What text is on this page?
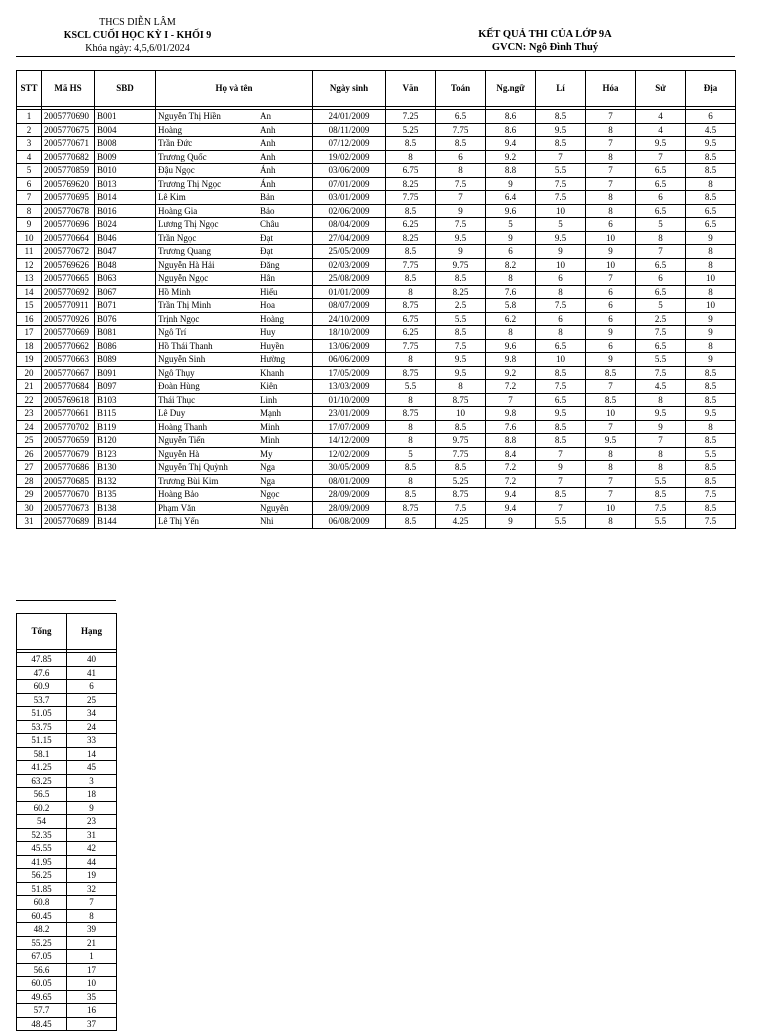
THCS DIỄN LÂM
KSCL CUỐI HỌC KỲ I - KHỐI 9
Khóa ngày: 4,5,6/01/2024
KẾT QUẢ THI CỦA LỚP 9A
GVCN: Ngô Đình Thuý
STT	Mã HS	SBD	Họ và tên	Ngày sinh	Văn	Toán	Ng.ngữ	Lí	Hóa	Sử	Địa

1	2005770690	B001	Nguyễn Thị Hiền An	24/01/2009	7.25	6.5	8.6	8.5	7	4	6
2	2005770675	B004	Hoàng Anh	08/11/2009	5.25	7.75	8.6	9.5	8	4	4.5
3	2005770671	B008	Trần Đức Anh	07/12/2009	8.5	8.5	9.4	8.5	7	9.5	9.5
4	2005770682	B009	Trương Quốc Anh	19/02/2009	8	6	9.2	7	8	7	8.5
5	2005770859	B010	Đậu Ngọc Ánh	03/06/2009	6.75	8	8.8	5.5	7	6.5	8.5
6	2005769620	B013	Trương Thị Ngọc Ánh	07/01/2009	8.25	7.5	9	7.5	7	6.5	8
7	2005770695	B014	Lê Kim Bản	03/01/2009	7.75	7	6.4	7.5	8	6	8.5
8	2005770678	B016	Hoàng Gia Bảo	02/06/2009	8.5	9	9.6	10	8	6.5	6.5
9	2005770696	B024	Lương Thị Ngọc Châu	08/04/2009	6.25	7.5	5	5	6	5	6.5
10	2005770664	B046	Trần Ngọc Đạt	27/04/2009	8.25	9.5	9	9.5	10	8	9
11	2005770672	B047	Trương Quang Đạt	25/05/2009	8.5	9	6	9	9	7	8
12	2005769626	B048	Nguyễn Hà Hải Đăng	02/03/2009	7.75	9.75	8.2	10	10	6.5	8
13	2005770665	B063	Nguyễn Ngọc Hân	25/08/2009	8.5	8.5	8	6	7	6	10
14	2005770692	B067	Hồ Minh Hiếu	01/01/2009	8	8.25	7.6	8	6	6.5	8
15	2005770911	B071	Trần Thị Minh Hoa	08/07/2009	8.75	2.5	5.8	7.5	6	5	10
16	2005770926	B076	Trịnh Ngọc Hoàng	24/10/2009	6.75	5.5	6.2	6	6	2.5	9
17	2005770669	B081	Ngô Trí Huy	18/10/2009	6.25	8.5	8	8	9	7.5	9
18	2005770662	B086	Hồ Thái Thanh Huyền	13/06/2009	7.75	7.5	9.6	6.5	6	6.5	8
19	2005770663	B089	Nguyễn Sinh Hường	06/06/2009	8	9.5	9.8	10	9	5.5	9
20	2005770667	B091	Ngô Thụy Khanh	17/05/2009	8.75	9.5	9.2	8.5	8.5	7.5	8.5
21	2005770684	B097	Đoàn Hùng Kiên	13/03/2009	5.5	8	7.2	7.5	7	4.5	8.5
22	2005769618	B103	Thái Thục Linh	01/10/2009	8	8.75	7	6.5	8.5	8	8.5
23	2005770661	B115	Lê Duy Mạnh	23/01/2009	8.75	10	9.8	9.5	10	9.5	9.5
24	2005770702	B119	Hoàng Thanh Minh	17/07/2009	8	8.5	7.6	8.5	7	9	8
25	2005770659	B120	Nguyễn Tiến Minh	14/12/2009	8	9.75	8.8	8.5	9.5	7	8.5
26	2005770679	B123	Nguyễn Hà My	12/02/2009	5	7.75	8.4	7	8	8	5.5
27	2005770686	B130	Nguyễn Thị Quỳnh Nga	30/05/2009	8.5	8.5	7.2	9	8	8	8.5
28	2005770685	B132	Trương Bùi Kim Nga	08/01/2009	8	5.25	7.2	7	7	5.5	8.5
29	2005770670	B135	Hoàng Bảo Ngọc	28/09/2009	8.5	8.75	9.4	8.5	7	8.5	7.5
30	2005770673	B138	Phạm Văn Nguyên	28/09/2009	8.75	7.5	9.4	7	10	7.5	8.5
31	2005770689	B144	Lê Thị Yến Nhi	06/08/2009	8.5	4.25	9	5.5	8	5.5	7.5
Tổng	Hạng

47.85	40
47.6	41
60.9	6
53.7	25
51.05	34
53.75	24
51.15	33
58.1	14
41.25	45
63.25	3
56.5	18
60.2	9
54	23
52.35	31
45.55	42
41.95	44
56.25	19
51.85	32
60.8	7
60.45	8
48.2	39
55.25	21
67.05	1
56.6	17
60.05	10
49.65	35
57.7	16
48.45	37
